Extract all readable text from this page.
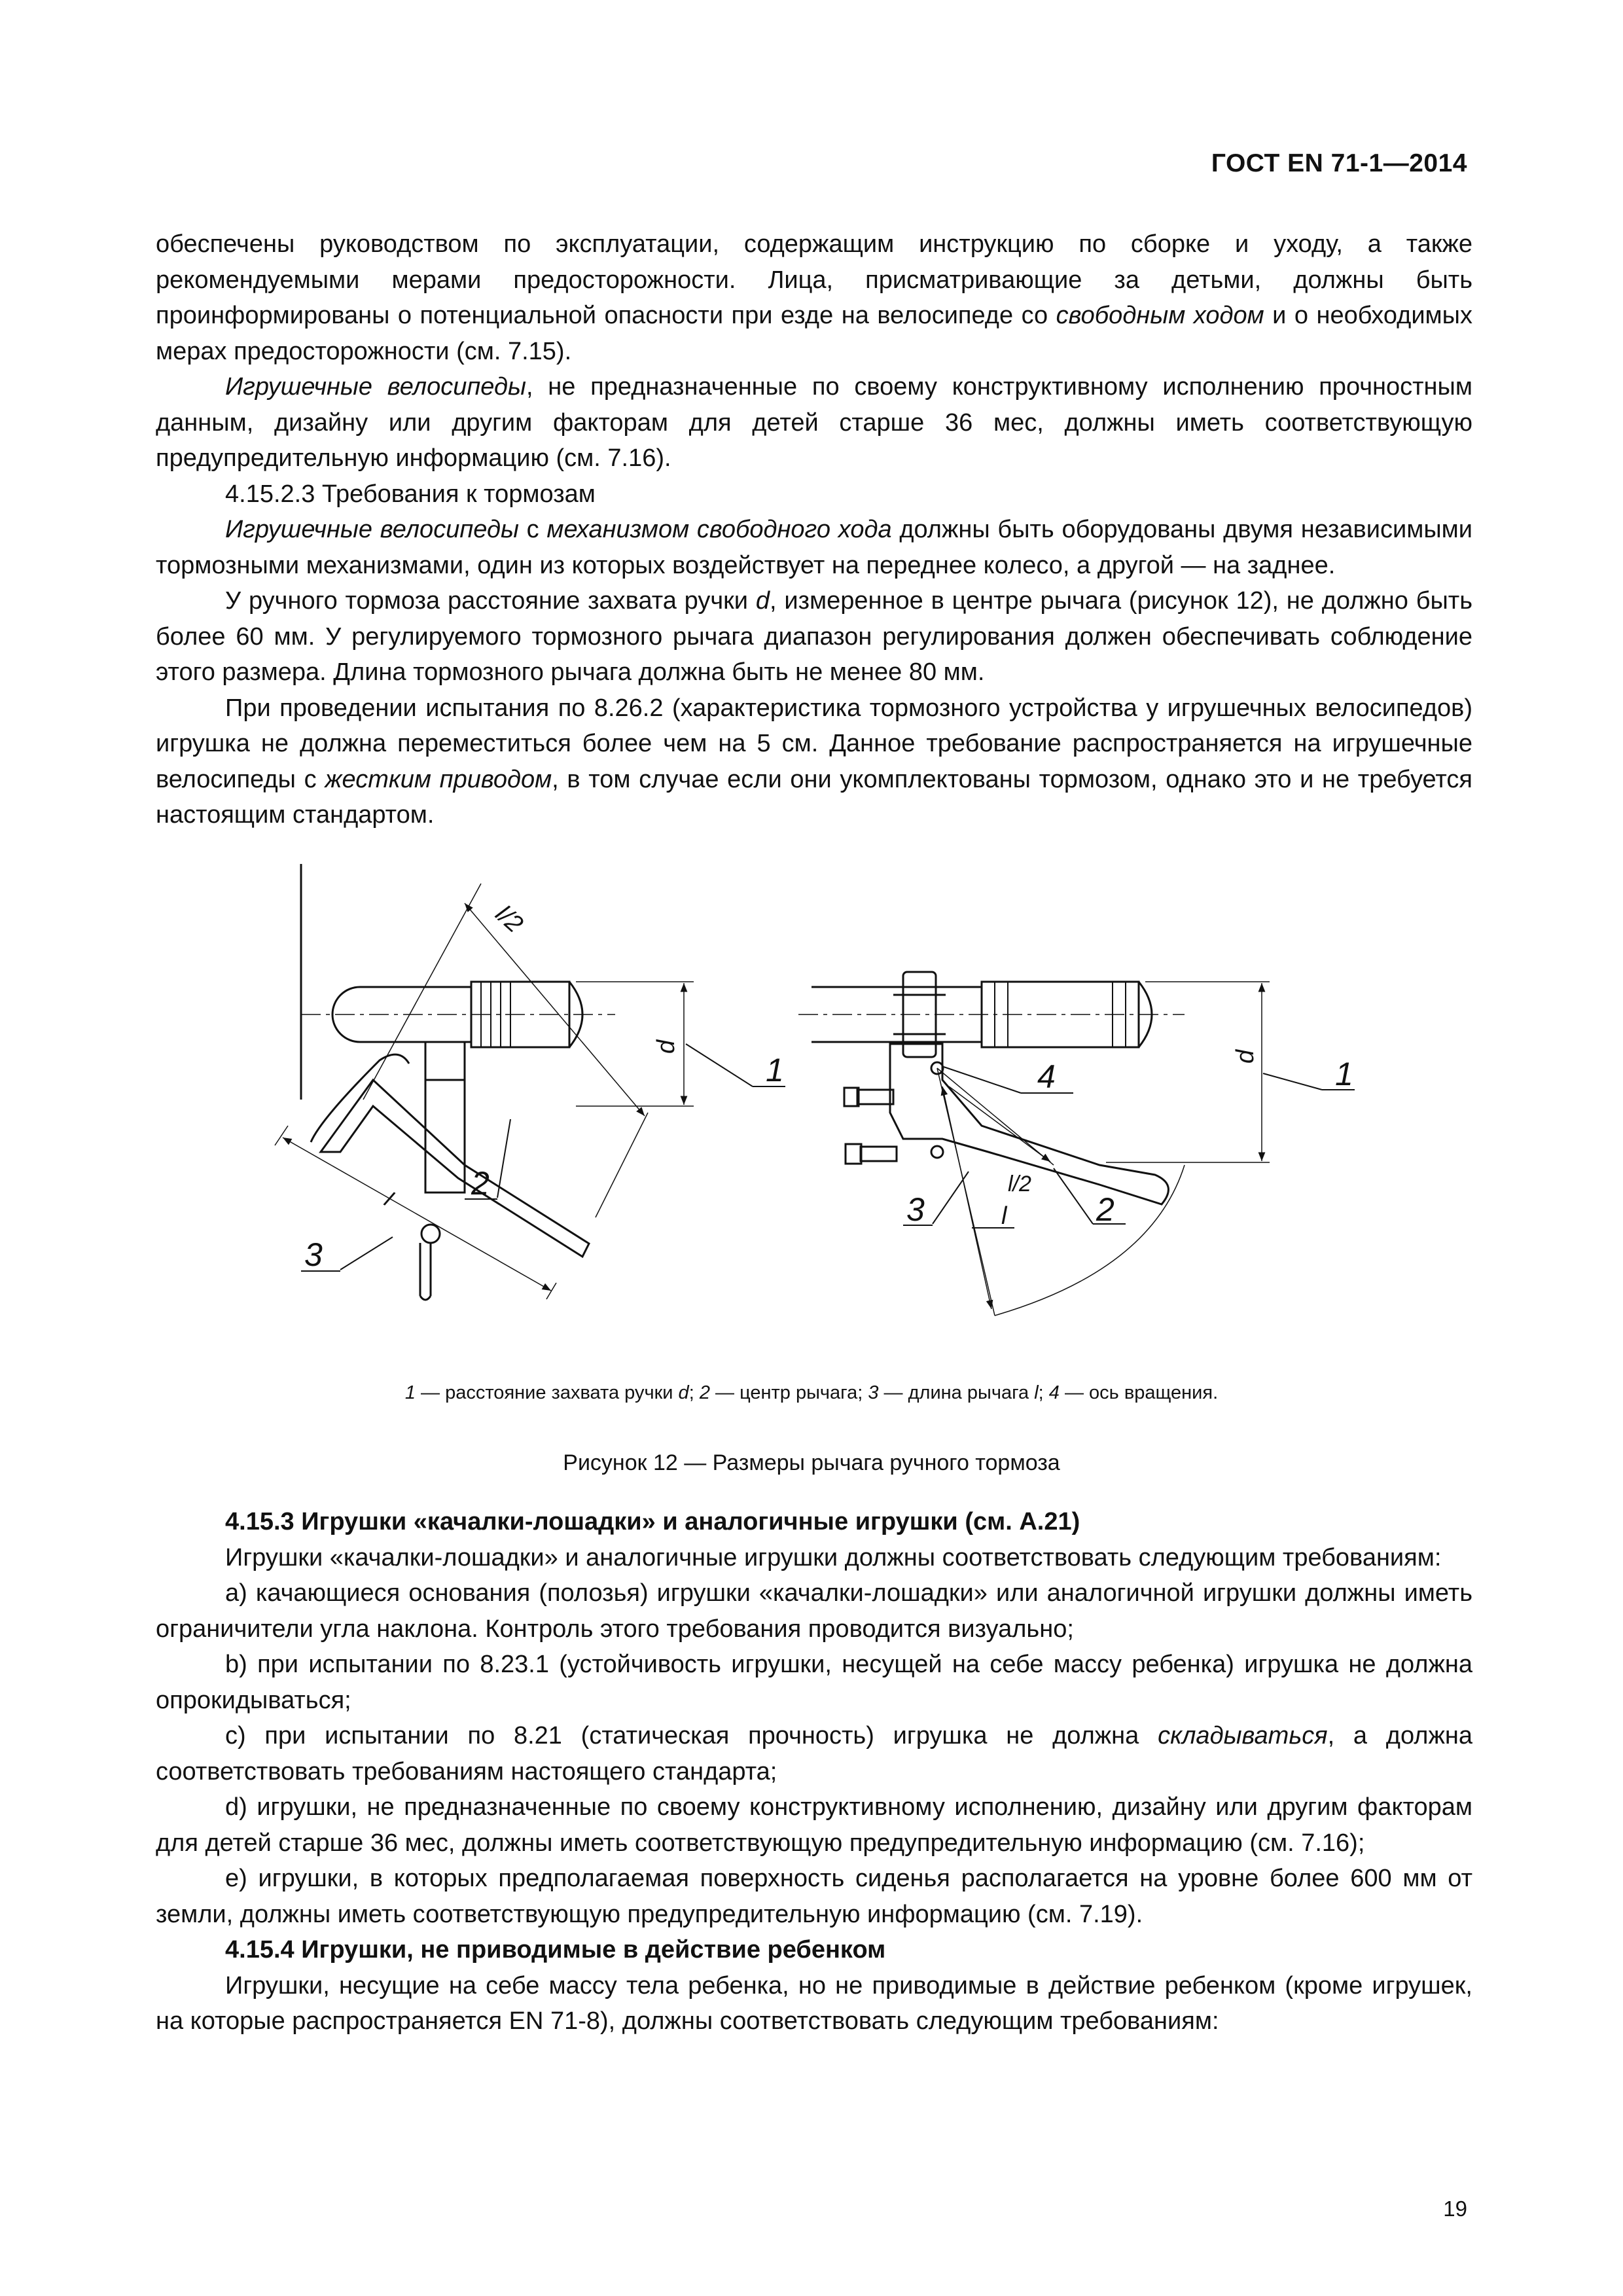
ГОСТ EN 71-1—2014

обеспечены руководством по эксплуатации, содержащим инструкцию по сборке и уходу, а также рекомендуемыми мерами предосторожности. Лица, присматривающие за детьми, должны быть проинформированы о потенциальной опасности при езде на велосипеде со свободным ходом и о необходимых мерах предосторожности (см. 7.15).

Игрушечные велосипеды, не предназначенные по своему конструктивному исполнению прочностным данным, дизайну или другим факторам для детей старше 36 мес, должны иметь соответствующую предупредительную информацию (см. 7.16).

4.15.2.3 Требования к тормозам

Игрушечные велосипеды с механизмом свободного хода должны быть оборудованы двумя независимыми тормозными механизмами, один из которых воздействует на переднее колесо, а другой — на заднее.

У ручного тормоза расстояние захвата ручки d, измеренное в центре рычага (рисунок 12), не должно быть более 60 мм. У регулируемого тормозного рычага диапазон регулирования должен обеспечивать соблюдение этого размера. Длина тормозного рычага должна быть не менее 80 мм.

При проведении испытания по 8.26.2 (характеристика тормозного устройства у игрушечных велосипедов) игрушка не должна переместиться более чем на 5 см. Данное требование распространяется на игрушечные велосипеды с жестким приводом, в том случае если они укомплектованы тормозом, однако это и не требуется настоящим стандартом.

l/2
d
1
2
3
l
d 1
4
l/2
2
3	l
1 — расстояние захвата ручки d; 2 — центр рычага; 3 — длина рычага l; 4 — ось вращения.
Рисунок 12 — Размеры рычага ручного тормоза

4.15.3 Игрушки «качалки-лошадки» и аналогичные игрушки (см. А.21)

Игрушки «качалки-лошадки» и аналогичные игрушки должны соответствовать следующим требованиям:

a) качающиеся основания (полозья) игрушки «качалки-лошадки» или аналогичной игрушки должны иметь ограничители угла наклона. Контроль этого требования проводится визуально;

b) при испытании по 8.23.1 (устойчивость игрушки, несущей на себе массу ребенка) игрушка не должна опрокидываться;

c) при испытании по 8.21 (статическая прочность) игрушка не должна складываться, а должна соответствовать требованиям настоящего стандарта;

d) игрушки, не предназначенные по своему конструктивному исполнению, дизайну или другим факторам для детей старше 36 мес, должны иметь соответствующую предупредительную информацию (см. 7.16);

e) игрушки, в которых предполагаемая поверхность сиденья располагается на уровне более 600 мм от земли, должны иметь соответствующую предупредительную информацию (см. 7.19).

4.15.4 Игрушки, не приводимые в действие ребенком

Игрушки, несущие на себе массу тела ребенка, но не приводимые в действие ребенком (кроме игрушек, на которые распространяется EN 71-8), должны соответствовать следующим требованиям:

19
